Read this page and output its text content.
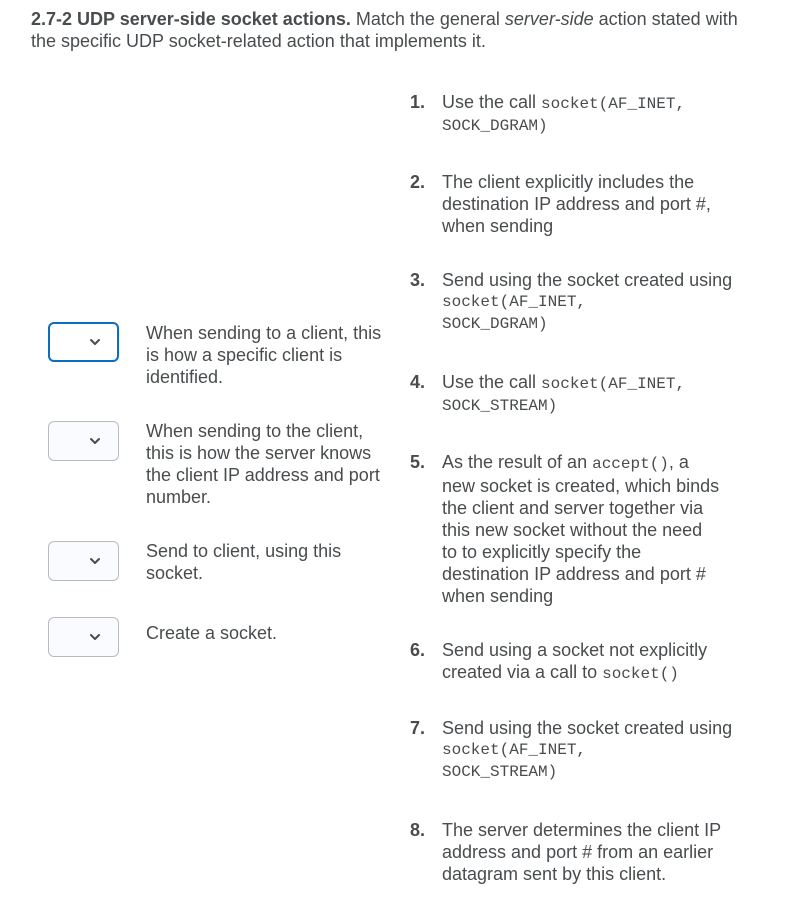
2.7-2 UDP server-side socket actions. Match the general server-side action stated with the specific UDP socket-related action that implements it.
When sending to a client, this is how a specific client is identified.
When sending to the client, this is how the server knows the client IP address and port number.
Send to client, using this socket.
Create a socket.
1. Use the call socket(AF_INET,
SOCK_DGRAM)
2. The client explicitly includes the
destination IP address and port #,
when sending
3. Send using the socket created using
socket(AF_INET,
SOCK_DGRAM)
4. Use the call socket(AF_INET,
SOCK_STREAM)
5. As the result of an accept(), a
new socket is created, which binds
the client and server together via
this new socket without the need
to to explicitly specify the
destination IP address and port #
when sending
6. Send using a socket not explicitly
created via a call to socket()
7. Send using the socket created using
socket(AF_INET,
SOCK_STREAM)
8. The server determines the client IP
address and port # from an earlier
datagram sent by this client.
